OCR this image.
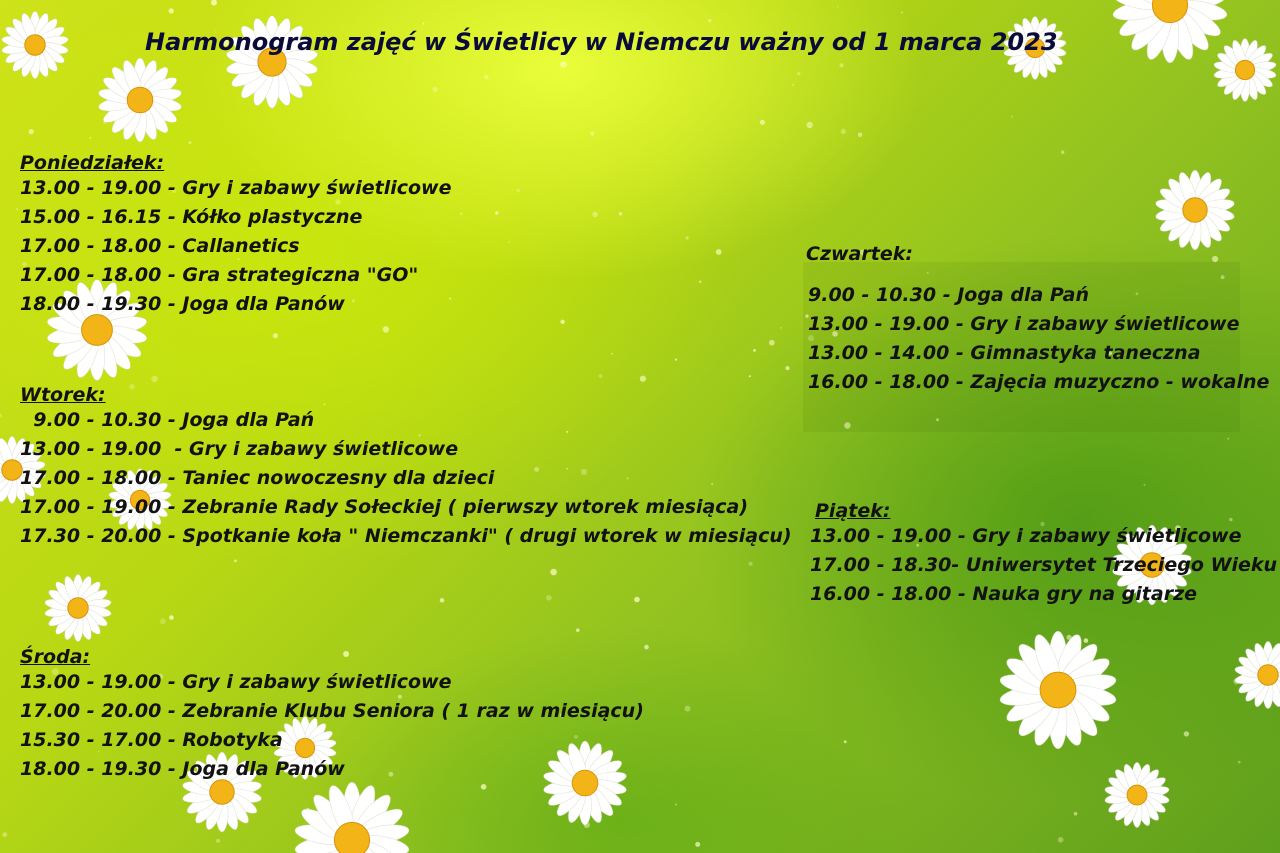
Harmonogram zajęć w Świetlicy w Niemczu ważny od 1 marca 2023
Poniedziałek:
13.00 - 19.00 - Gry i zabawy świetlicowe
15.00 - 16.15 - Kółko plastyczne
17.00 - 18.00 - Callanetics
17.00 - 18.00 - Gra strategiczna "GO"
18.00 - 19.30 - Joga dla Panów
Wtorek:
9.00 - 10.30 - Joga dla Pań
13.00 - 19.00  - Gry i zabawy świetlicowe
17.00 - 18.00 - Taniec nowoczesny dla dzieci
17.00 - 19.00 - Zebranie Rady Sołeckiej ( pierwszy wtorek miesiąca)
17.30 - 20.00 - Spotkanie koła " Niemczanki" ( drugi wtorek w miesiącu)
Środa:
13.00 - 19.00 - Gry i zabawy świetlicowe
17.00 - 20.00 - Zebranie Klubu Seniora ( 1 raz w miesiącu)
15.30 - 17.00 - Robotyka
18.00 - 19.30 - Joga dla Panów
Czwartek:
9.00 - 10.30 - Joga dla Pań
13.00 - 19.00 - Gry i zabawy świetlicowe
13.00 - 14.00 - Gimnastyka taneczna
16.00 - 18.00 - Zajęcia muzyczno - wokalne
Piątek:
13.00 - 19.00 - Gry i zabawy świetlicowe
17.00 - 18.30- Uniwersytet Trzeciego Wieku
16.00 - 18.00 - Nauka gry na gitarze
